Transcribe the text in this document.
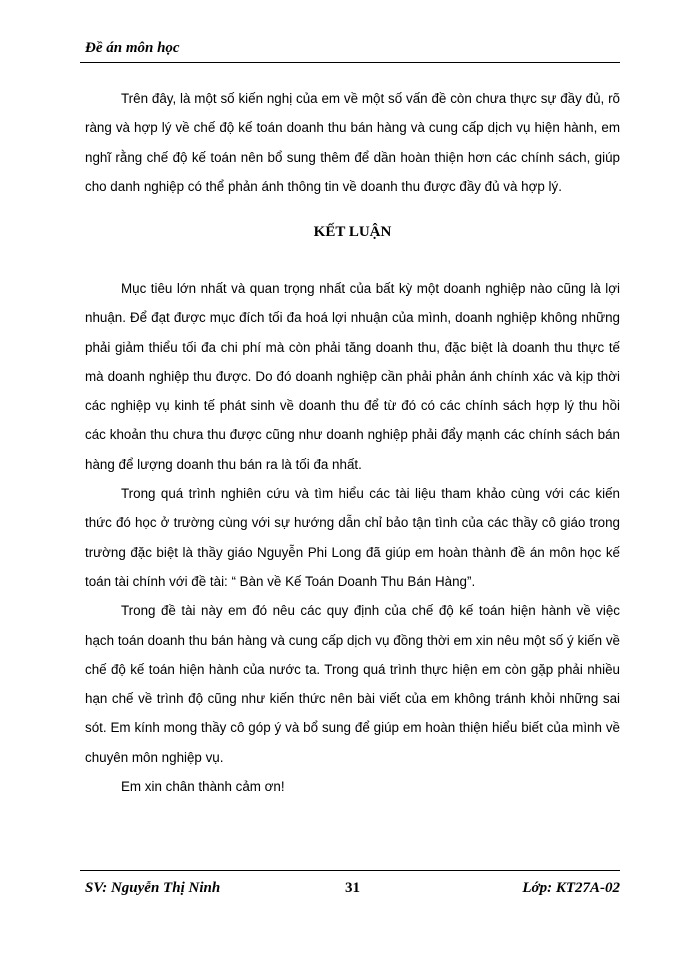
Đề án môn học

Trên đây, là một số kiến nghị của em về một số vấn đề còn chưa thực sự đầy đủ, rõ ràng và hợp lý về chế độ kế toán doanh thu bán hàng và cung cấp dịch vụ hiện hành, em nghĩ rằng chế độ kế toán nên bổ sung thêm để dần hoàn thiện hơn các chính sách, giúp cho danh nghiệp có thể phản ánh thông tin về doanh thu được đầy đủ và hợp lý.

KẾT LUẬN

Mục tiêu lớn nhất và quan trọng nhất của bất kỳ một doanh nghiệp nào cũng là lợi nhuận. Để đạt được mục đích tối đa hoá lợi nhuận của mình, doanh nghiệp không những phải giảm thiểu tối đa chi phí mà còn phải tăng doanh thu, đặc biệt là doanh thu thực tế mà doanh nghiệp thu được. Do đó doanh nghiệp cần phải phản ánh chính xác và kịp thời các nghiệp vụ kinh tế phát sinh về doanh thu để từ đó có các chính sách hợp lý thu hồi các khoản thu chưa thu được cũng như doanh nghiệp phải đẩy mạnh các chính sách bán hàng để lượng doanh thu bán ra là tối đa nhất.

Trong quá trình nghiên cứu và tìm hiểu các tài liệu tham khảo cùng với các kiến thức đó học ở trường cùng với sự hướng dẫn chỉ bảo tận tình của các thầy cô giáo trong trường đặc biệt là thầy giáo Nguyễn Phi Long đã giúp em hoàn thành đề án môn học kế toán tài chính với đề tài: “ Bàn về Kế Toán Doanh Thu Bán Hàng”.

Trong đề tài này em đó nêu các quy định của chế độ kế toán hiện hành về việc hạch toán doanh thu bán hàng và cung cấp dịch vụ đồng thời em xin nêu một số ý kiến về chế độ kế toán hiện hành của nước ta. Trong quá trình thực hiện em còn gặp phải nhiều hạn chế về trình độ cũng như kiến thức nên bài viết của em không tránh khỏi những sai sót. Em kính mong thầy cô góp ý và bổ sung để giúp em hoàn thiện hiểu biết của mình về chuyên môn nghiệp vụ.

Em xin chân thành cảm ơn!

SV: Nguyễn Thị Ninh	31	Lớp: KT27A-02
